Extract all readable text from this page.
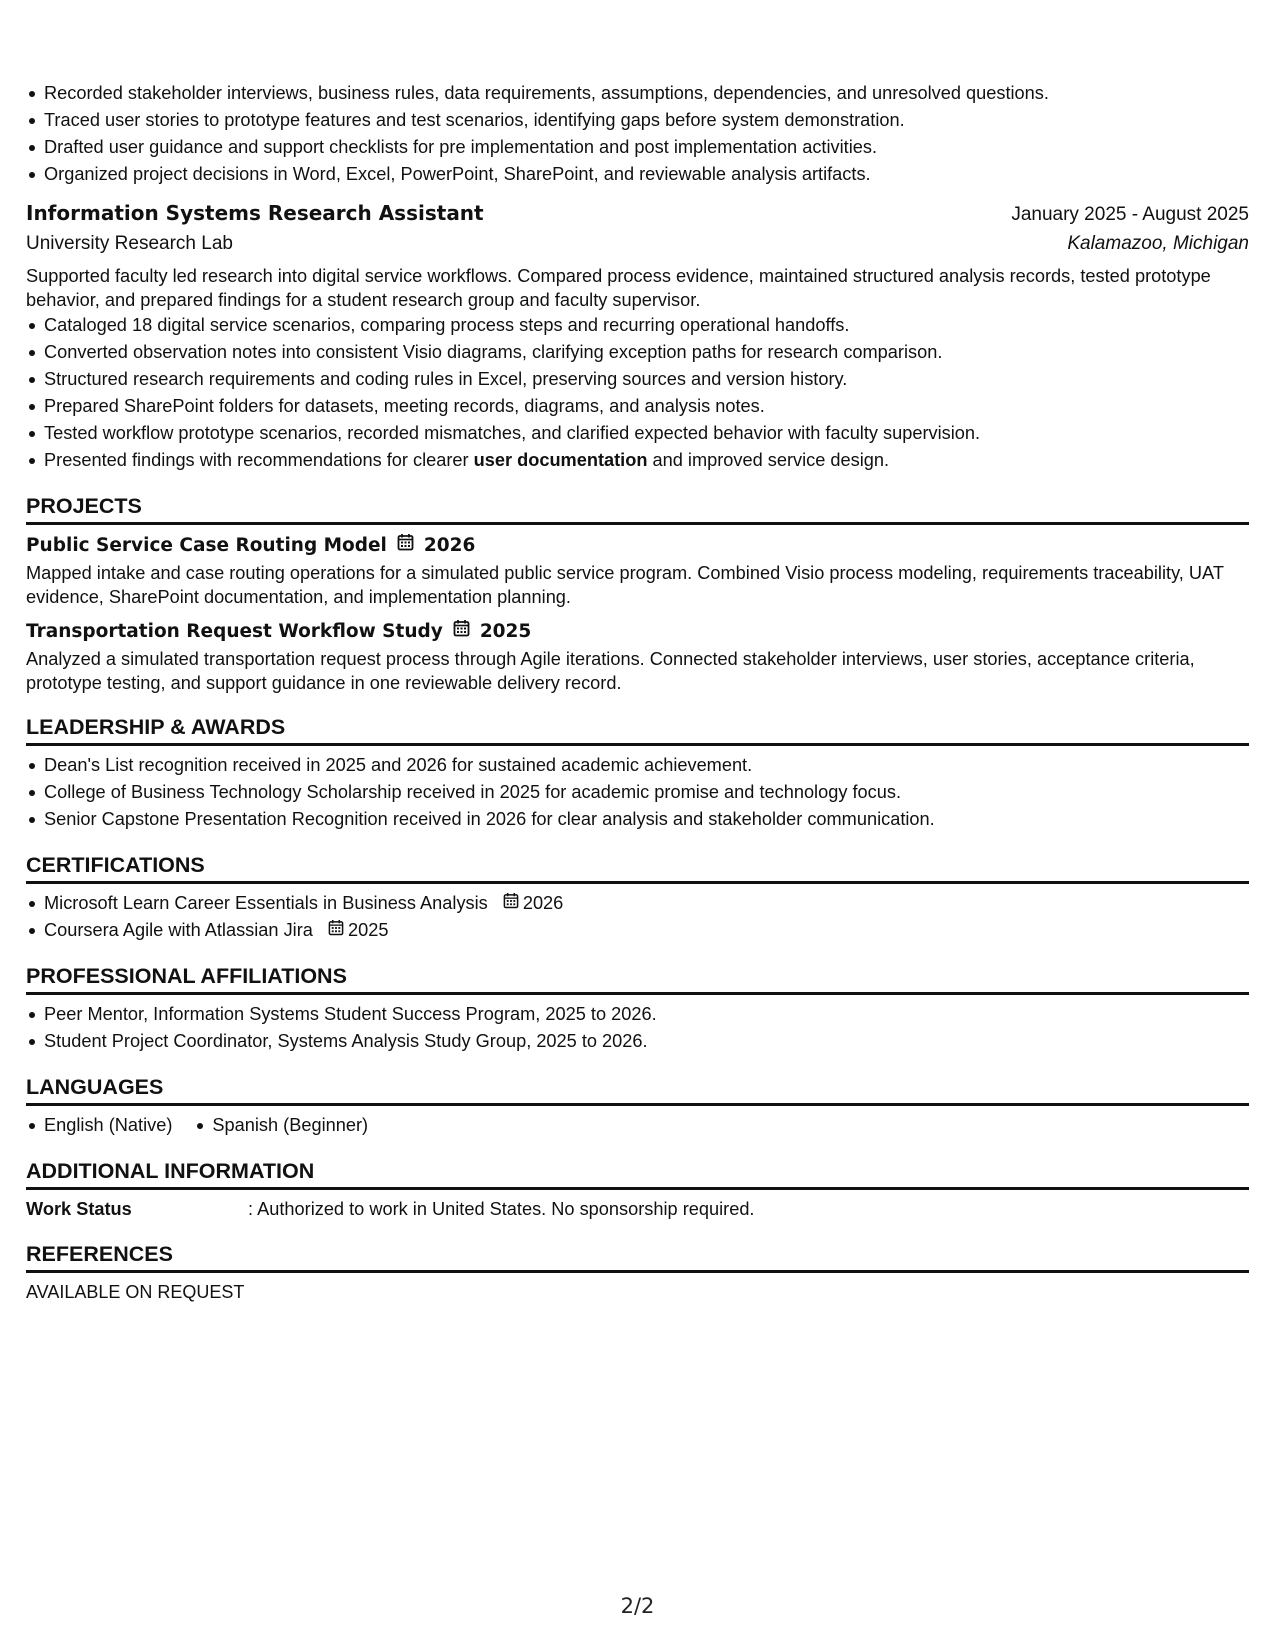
Recorded stakeholder interviews, business rules, data requirements, assumptions, dependencies, and unresolved questions.
Traced user stories to prototype features and test scenarios, identifying gaps before system demonstration.
Drafted user guidance and support checklists for pre implementation and post implementation activities.
Organized project decisions in Word, Excel, PowerPoint, SharePoint, and reviewable analysis artifacts.
Information Systems Research Assistant	January 2025 - August 2025
University Research Lab	Kalamazoo, Michigan
Supported faculty led research into digital service workflows. Compared process evidence, maintained structured analysis records, tested prototype behavior, and prepared findings for a student research group and faculty supervisor.
Cataloged 18 digital service scenarios, comparing process steps and recurring operational handoffs.
Converted observation notes into consistent Visio diagrams, clarifying exception paths for research comparison.
Structured research requirements and coding rules in Excel, preserving sources and version history.
Prepared SharePoint folders for datasets, meeting records, diagrams, and analysis notes.
Tested workflow prototype scenarios, recorded mismatches, and clarified expected behavior with faculty supervision.
Presented findings with recommendations for clearer user documentation and improved service design.
PROJECTS
Public Service Case Routing Model 2026
Mapped intake and case routing operations for a simulated public service program. Combined Visio process modeling, requirements traceability, UAT evidence, SharePoint documentation, and implementation planning.
Transportation Request Workflow Study 2025
Analyzed a simulated transportation request process through Agile iterations. Connected stakeholder interviews, user stories, acceptance criteria, prototype testing, and support guidance in one reviewable delivery record.
LEADERSHIP & AWARDS
Dean's List recognition received in 2025 and 2026 for sustained academic achievement.
College of Business Technology Scholarship received in 2025 for academic promise and technology focus.
Senior Capstone Presentation Recognition received in 2026 for clear analysis and stakeholder communication.
CERTIFICATIONS
Microsoft Learn Career Essentials in Business Analysis 2026
Coursera Agile with Atlassian Jira 2025
PROFESSIONAL AFFILIATIONS
Peer Mentor, Information Systems Student Success Program, 2025 to 2026.
Student Project Coordinator, Systems Analysis Study Group, 2025 to 2026.
LANGUAGES
English (Native) Spanish (Beginner)
ADDITIONAL INFORMATION
Work Status	: Authorized to work in United States. No sponsorship required.
REFERENCES
AVAILABLE ON REQUEST
2/2
